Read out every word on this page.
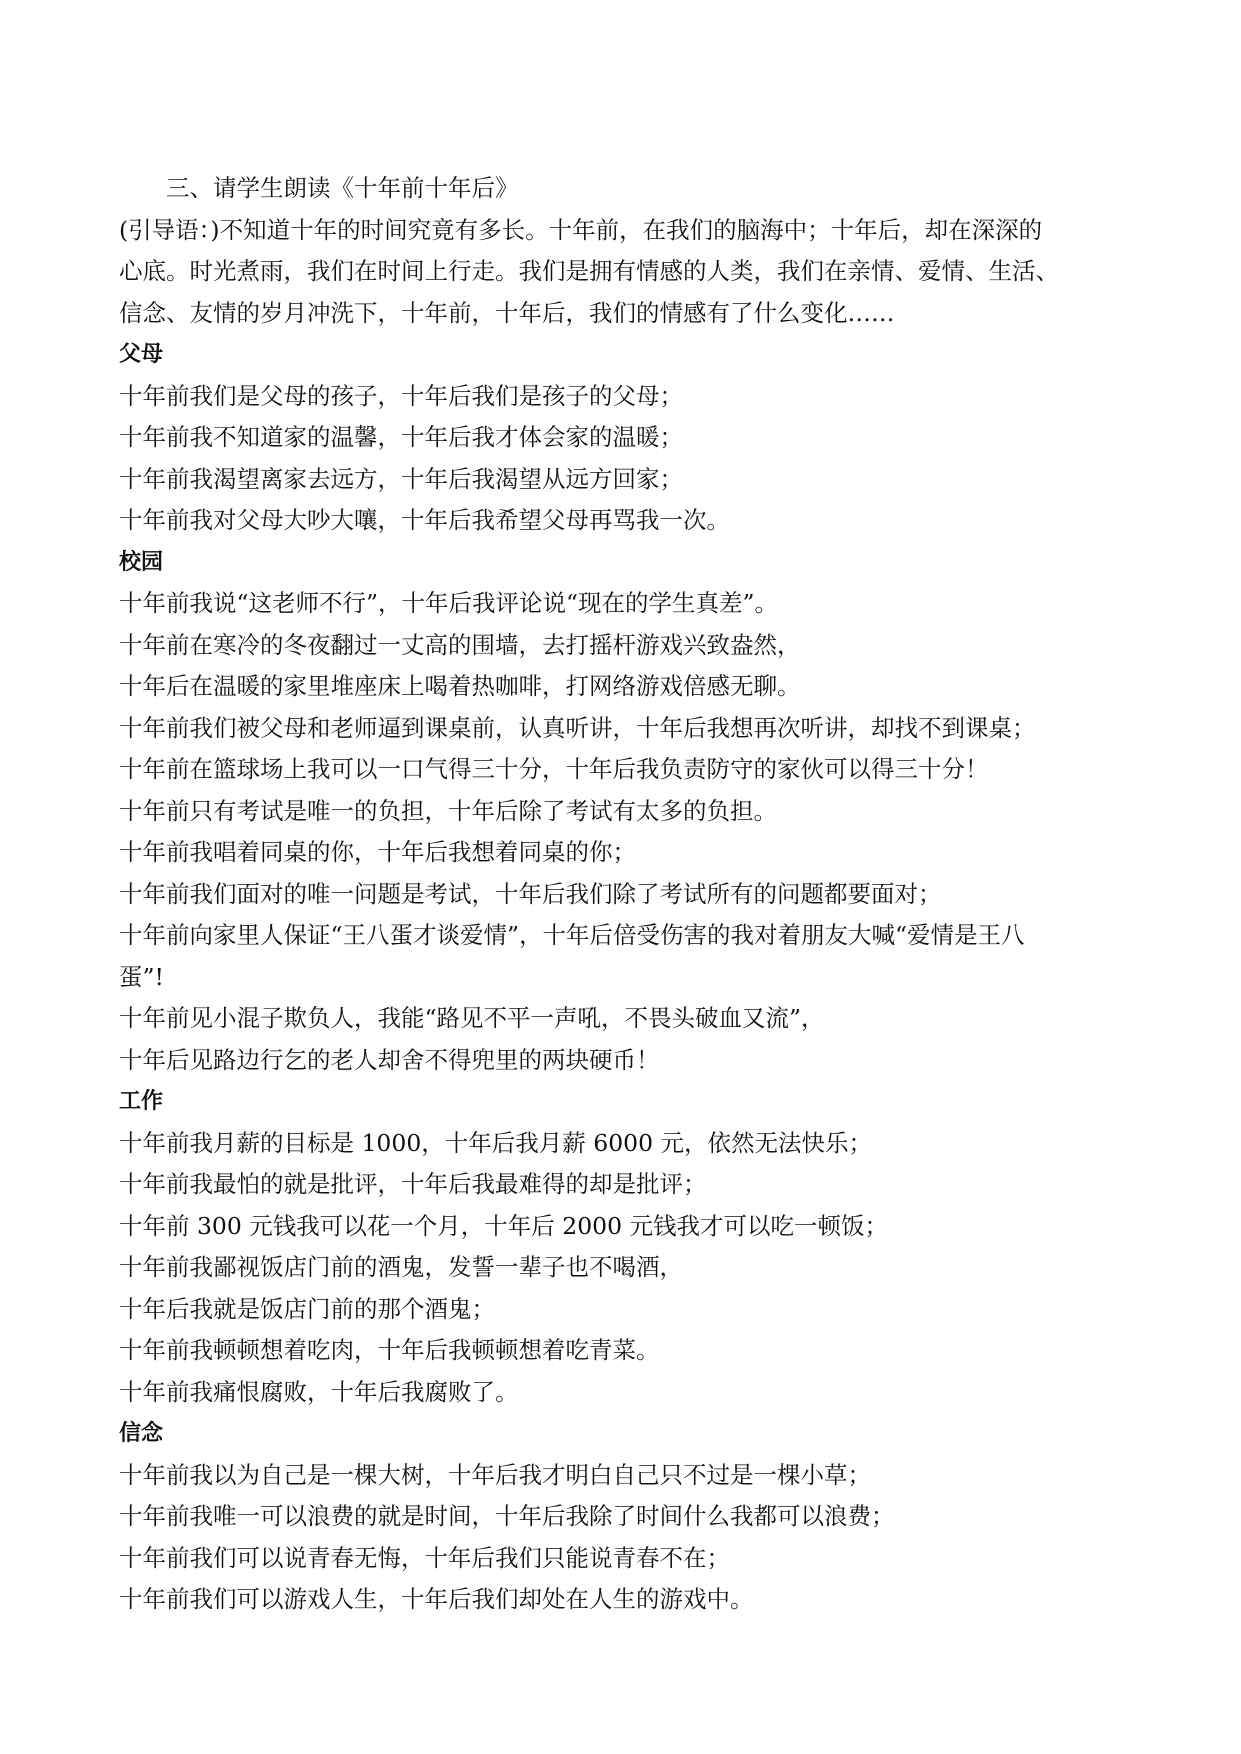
三、请学生朗读《十年前十年后》
(引导语：)不知道十年的时间究竟有多长。十年前，在我们的脑海中；十年后，却在深深的
心底。时光煮雨，我们在时间上行走。我们是拥有情感的人类，我们在亲情、爱情、生活、
信念、友情的岁月冲洗下，十年前，十年后，我们的情感有了什么变化……
父母
十年前我们是父母的孩子，十年后我们是孩子的父母；
十年前我不知道家的温馨，十年后我才体会家的温暖；
十年前我渴望离家去远方，十年后我渴望从远方回家；
十年前我对父母大吵大嚷，十年后我希望父母再骂我一次。
校园
十年前我说“这老师不行”，十年后我评论说“现在的学生真差”。
十年前在寒冷的冬夜翻过一丈高的围墙，去打摇杆游戏兴致盎然，
十年后在温暖的家里堆座床上喝着热咖啡，打网络游戏倍感无聊。
十年前我们被父母和老师逼到课桌前，认真听讲，十年后我想再次听讲，却找不到课桌；
十年前在篮球场上我可以一口气得三十分，十年后我负责防守的家伙可以得三十分！
十年前只有考试是唯一的负担，十年后除了考试有太多的负担。
十年前我唱着同桌的你，十年后我想着同桌的你；
十年前我们面对的唯一问题是考试，十年后我们除了考试所有的问题都要面对；
十年前向家里人保证“王八蛋才谈爱情”，十年后倍受伤害的我对着朋友大喊“爱情是王八
蛋”!
十年前见小混子欺负人，我能“路见不平一声吼，不畏头破血又流”，
十年后见路边行乞的老人却舍不得兜里的两块硬币！
工作
十年前我月薪的目标是 1000，十年后我月薪 6000 元，依然无法快乐；
十年前我最怕的就是批评，十年后我最难得的却是批评；
十年前 300 元钱我可以花一个月，十年后 2000 元钱我才可以吃一顿饭；
十年前我鄙视饭店门前的酒鬼，发誓一辈子也不喝酒，
十年后我就是饭店门前的那个酒鬼；
十年前我顿顿想着吃肉，十年后我顿顿想着吃青菜。
十年前我痛恨腐败，十年后我腐败了。
信念
十年前我以为自己是一棵大树，十年后我才明白自己只不过是一棵小草；
十年前我唯一可以浪费的就是时间，十年后我除了时间什么我都可以浪费；
十年前我们可以说青春无悔，十年后我们只能说青春不在；
十年前我们可以游戏人生，十年后我们却处在人生的游戏中。
